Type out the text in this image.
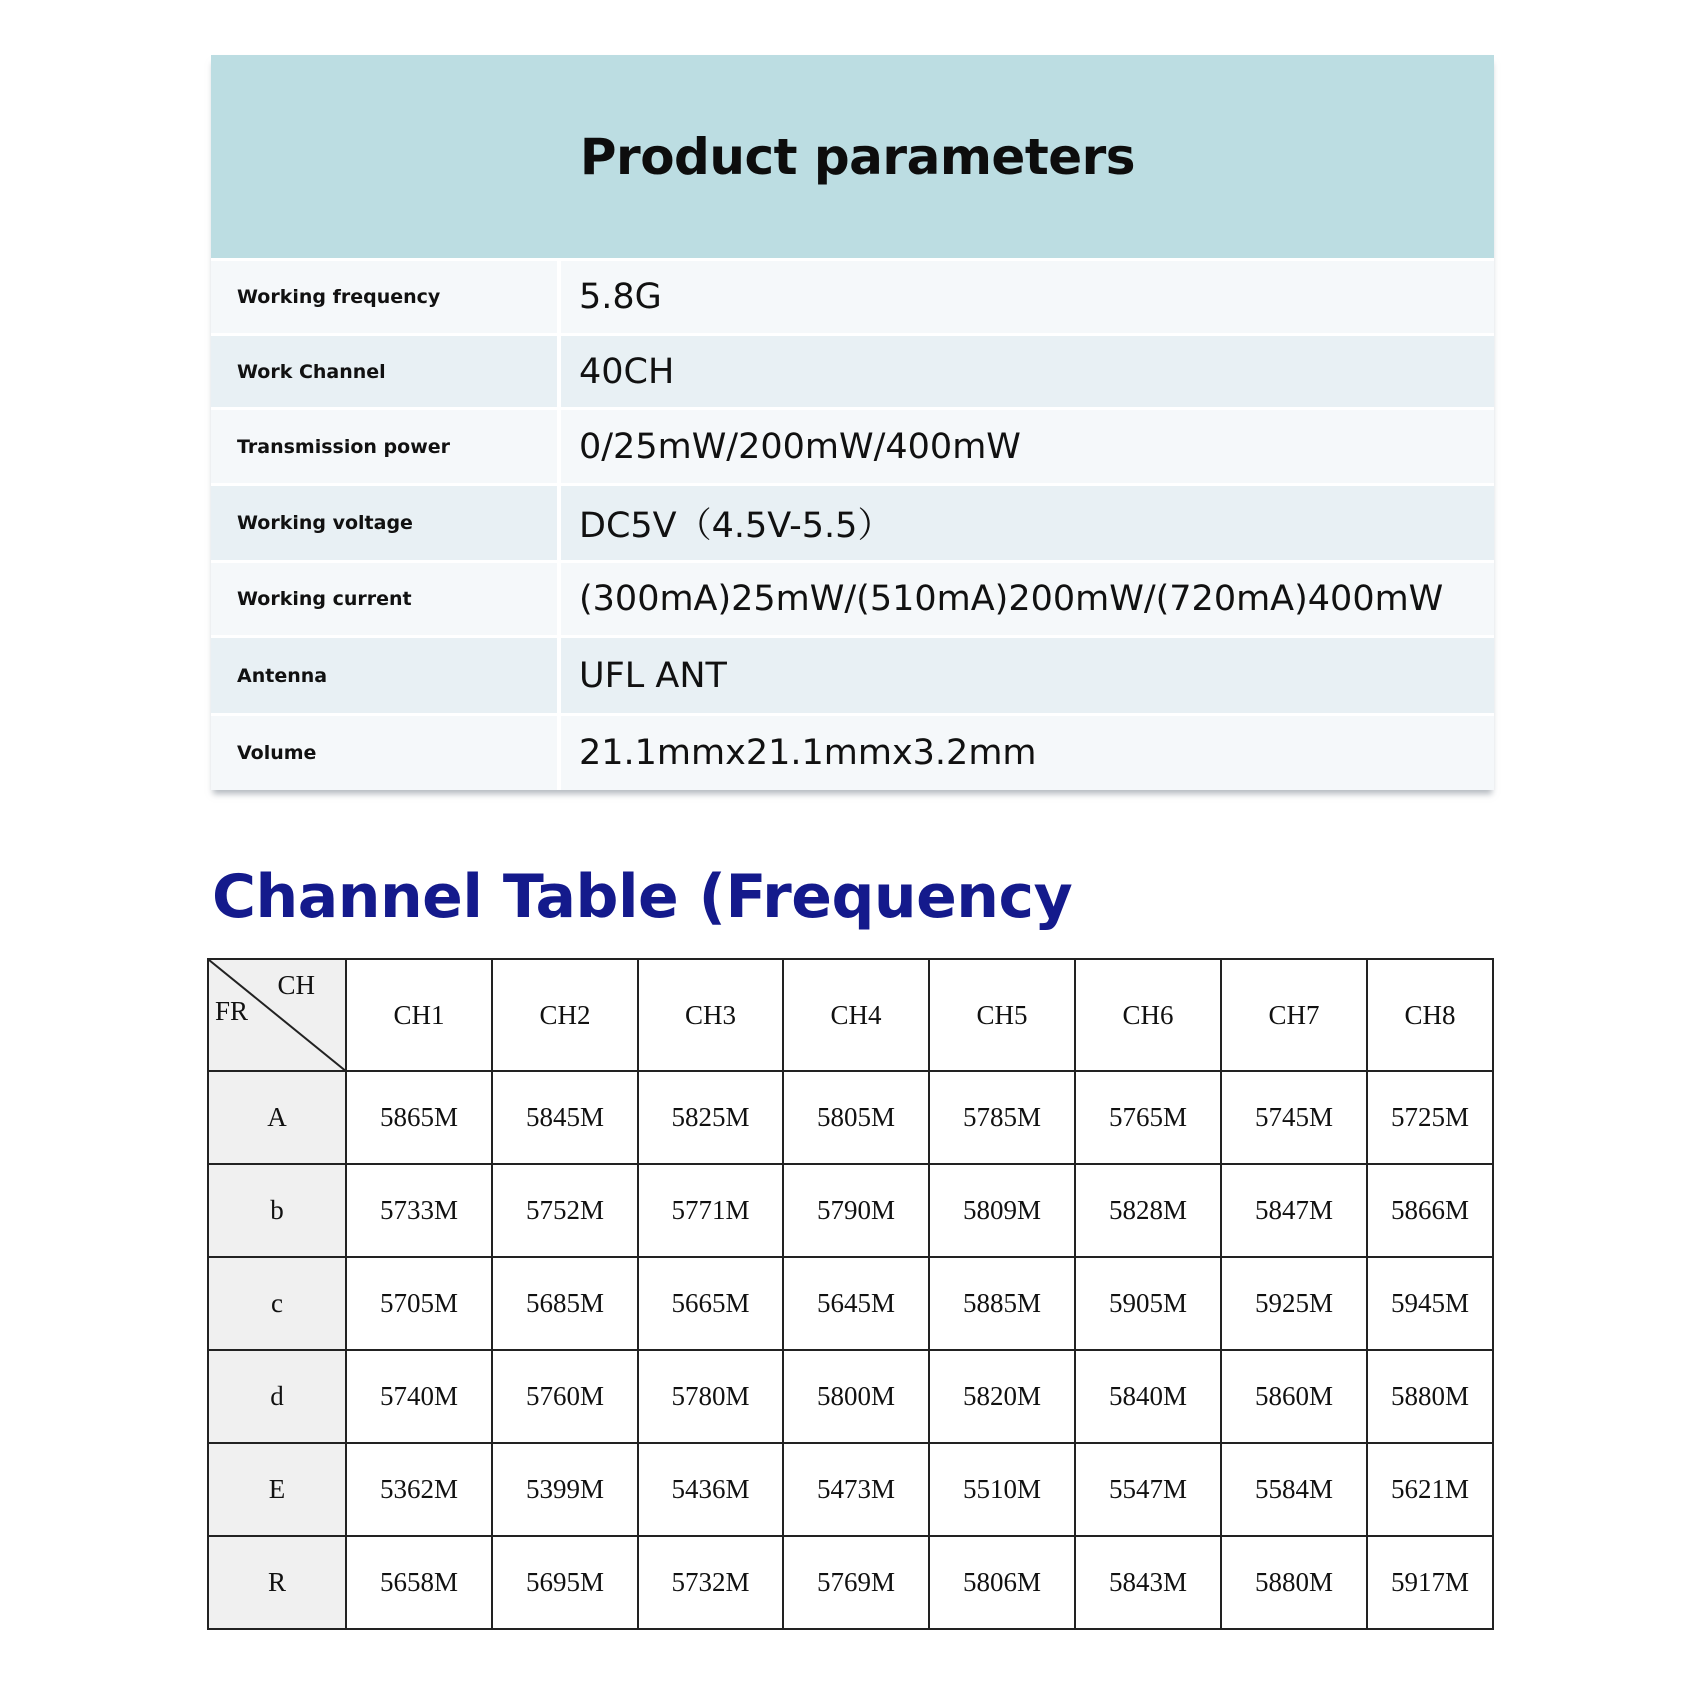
Product parameters
Working frequency	5.8G
Work Channel	40CH
Transmission power	0/25mW/200mW/400mW
Working voltage	DC5V（4.5V-5.5）
Working current	(300mA)25mW/(510mA)200mW/(720mA)400mW
Antenna	UFL ANT
Volume	21.1mmx21.1mmx3.2mm
Channel Table (Frequency
CH
FR	CH1	CH2	CH3	CH4	CH5	CH6	CH7	CH8
A	5865M	5845M	5825M	5805M	5785M	5765M	5745M	5725M
b	5733M	5752M	5771M	5790M	5809M	5828M	5847M	5866M
c	5705M	5685M	5665M	5645M	5885M	5905M	5925M	5945M
d	5740M	5760M	5780M	5800M	5820M	5840M	5860M	5880M
E	5362M	5399M	5436M	5473M	5510M	5547M	5584M	5621M
R	5658M	5695M	5732M	5769M	5806M	5843M	5880M	5917M
